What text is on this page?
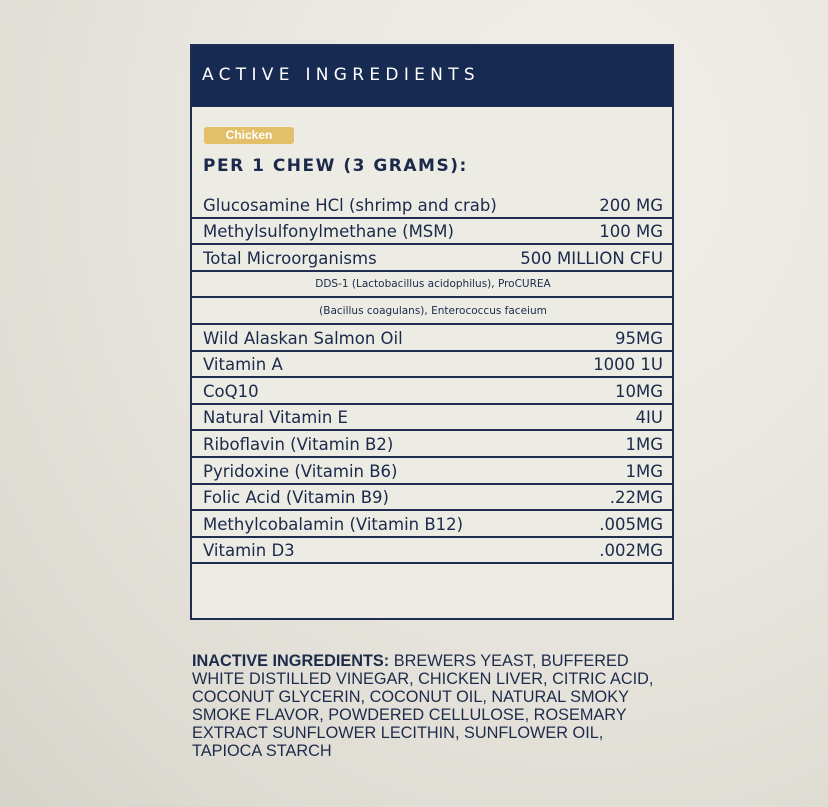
ACTIVE INGREDIENTS
Chicken
PER 1 CHEW (3 GRAMS):
Glucosamine HCl (shrimp and crab)	200 MG
Methylsulfonylmethane (MSM)	100 MG
Total Microorganisms	500 MILLION CFU
DDS-1 (Lactobacillus acidophilus), ProCUREA
(Bacillus coagulans), Enterococcus faceium
Wild Alaskan Salmon Oil	95MG
Vitamin A	1000 1U
CoQ10	10MG
Natural Vitamin E	4IU
Riboflavin (Vitamin B2)	1MG
Pyridoxine (Vitamin B6)	1MG
Folic Acid (Vitamin B9)	.22MG
Methylcobalamin (Vitamin B12)	.005MG
Vitamin D3	.002MG
INACTIVE INGREDIENTS: BREWERS YEAST, BUFFERED WHITE DISTILLED VINEGAR, CHICKEN LIVER, CITRIC ACID, COCONUT GLYCERIN, COCONUT OIL, NATURAL SMOKY SMOKE FLAVOR, POWDERED CELLULOSE, ROSEMARY EXTRACT SUNFLOWER LECITHIN, SUNFLOWER OIL, TAPIOCA STARCH
